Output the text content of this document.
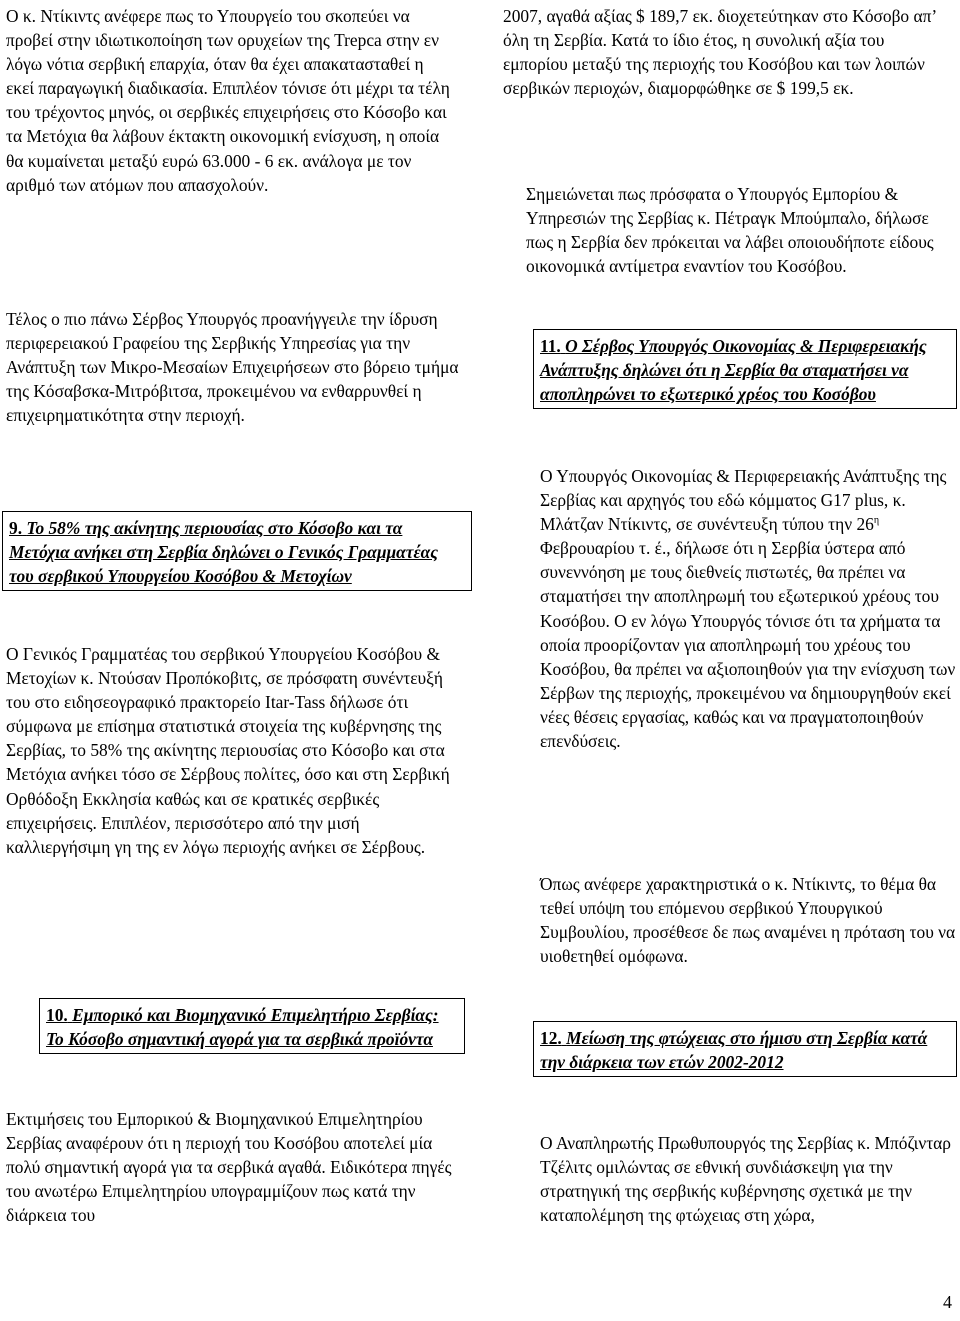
Ο κ. Ντίκιντς ανέφερε πως το Υπουργείο του σκοπεύει να προβεί στην ιδιωτικοποίηση των ορυχείων της Trepca στην εν λόγω νότια σερβική επαρχία, όταν θα έχει απακατασταθεί η εκεί παραγωγική διαδικασία. Επιπλέον τόνισε ότι μέχρι τα τέλη του τρέχοντος μηνός, οι σερβικές επιχειρήσεις στο Κόσοβο και τα Μετόχια θα λάβουν έκτακτη οικονομική ενίσχυση, η οποία θα κυμαίνεται μεταξύ ευρώ 63.000 - 6 εκ. ανάλογα με τον αριθμό των ατόμων που απασχολούν.

Τέλος ο πιο πάνω Σέρβος Υπουργός προανήγγειλε την ίδρυση περιφερειακού Γραφείου της Σερβικής Υπηρεσίας για την Ανάπτυξη των Μικρο-Μεσαίων Επιχειρήσεων στο βόρειο τμήμα της Κόσαβσκα-Μιτρόβιτσα, προκειμένου να ενθαρρυνθεί η επιχειρηματικότητα στην περιοχή.

9. Το 58% της ακίνητης περιουσίας στο Κόσοβο και τα Μετόχια ανήκει στη Σερβία δηλώνει ο Γενικός Γραμματέας του σερβικού Υπουργείου Κοσόβου & Μετοχίων

Ο Γενικός Γραμματέας του σερβικού Υπουργείου Κοσόβου & Μετοχίων κ. Ντούσαν Προπόκοβιτς, σε πρόσφατη συνέντευξή του στο ειδησεογραφικό πρακτορείο Itar-Tass δήλωσε ότι σύμφωνα με επίσημα στατιστικά στοιχεία της κυβέρνησης της Σερβίας, το 58% της ακίνητης περιουσίας στο Κόσοβο και στα Μετόχια ανήκει τόσο σε Σέρβους πολίτες, όσο και στη Σερβική Ορθόδοξη Εκκλησία καθώς και σε κρατικές σερβικές επιχειρήσεις. Επιπλέον, περισσότερο από την μισή καλλιεργήσιμη γη της εν λόγω περιοχής ανήκει σε Σέρβους.

10. Εμπορικό και Βιομηχανικό Επιμελητήριο Σερβίας: Το Κόσοβο σημαντική αγορά για τα σερβικά προϊόντα

Εκτιμήσεις του Εμπορικού & Βιομηχανικού Επιμελητηρίου Σερβίας αναφέρουν ότι η περιοχή του Κοσόβου αποτελεί μία πολύ σημαντική αγορά για τα σερβικά αγαθά. Ειδικότερα πηγές του ανωτέρω Επιμελητηρίου υπογραμμίζουν πως κατά την διάρκεια του

2007, αγαθά αξίας $ 189,7 εκ. διοχετεύτηκαν στο Κόσοβο απ’ όλη τη Σερβία. Κατά το ίδιο έτος, η συνολική αξία του εμπορίου μεταξύ της περιοχής του Κοσόβου και των λοιπών σερβικών περιοχών, διαμορφώθηκε σε $ 199,5 εκ.

Σημειώνεται πως πρόσφατα ο Υπουργός Εμπορίου & Υπηρεσιών της Σερβίας κ. Πέτραγκ Μπούμπαλο, δήλωσε πως η Σερβία δεν πρόκειται να λάβει οποιουδήποτε είδους οικονομικά αντίμετρα εναντίον του Κοσόβου.

11. Ο Σέρβος Υπουργός Οικονομίας & Περιφερειακής Ανάπτυξης δηλώνει ότι η Σερβία θα σταματήσει να αποπληρώνει το εξωτερικό χρέος του Κοσόβου

Ο Υπουργός Οικονομίας & Περιφερειακής Ανάπτυξης της Σερβίας και αρχηγός του εδώ κόμματος G17 plus, κ. Μλάτζαν Ντίκιντς, σε συνέντευξη τύπου την $26^\eta$ Φεβρουαρίου τ. έ., δήλωσε ότι η Σερβία ύστερα από συνεννόηση με τους διεθνείς πιστωτές, θα πρέπει να σταματήσει την αποπληρωμή του εξωτερικού χρέους του Κοσόβου. Ο εν λόγω Υπουργός τόνισε ότι τα χρήματα τα οποία προορίζονταν για αποπληρωμή του χρέους του Κοσόβου, θα πρέπει να αξιοποιηθούν για την ενίσχυση των Σέρβων της περιοχής, προκειμένου να δημιουργηθούν εκεί νέες θέσεις εργασίας, καθώς και να πραγματοποιηθούν επενδύσεις.

Όπως ανέφερε χαρακτηριστικά ο κ. Ντίκιντς, το θέμα θα τεθεί υπόψη του επόμενου σερβικού Υπουργικού Συμβουλίου, προσέθεσε δε πως αναμένει η πρόταση του να υιοθετηθεί ομόφωνα.

12. Μείωση της φτώχειας στο ήμισυ στη Σερβία κατά την διάρκεια των ετών 2002-2012

Ο Αναπληρωτής Πρωθυπουργός της Σερβίας κ. Μπόζινταρ Τζέλιτς ομιλώντας σε εθνική συνδιάσκεψη για την στρατηγική της σερβικής κυβέρνησης σχετικά με την καταπολέμηση της φτώχειας στη χώρα,

4
